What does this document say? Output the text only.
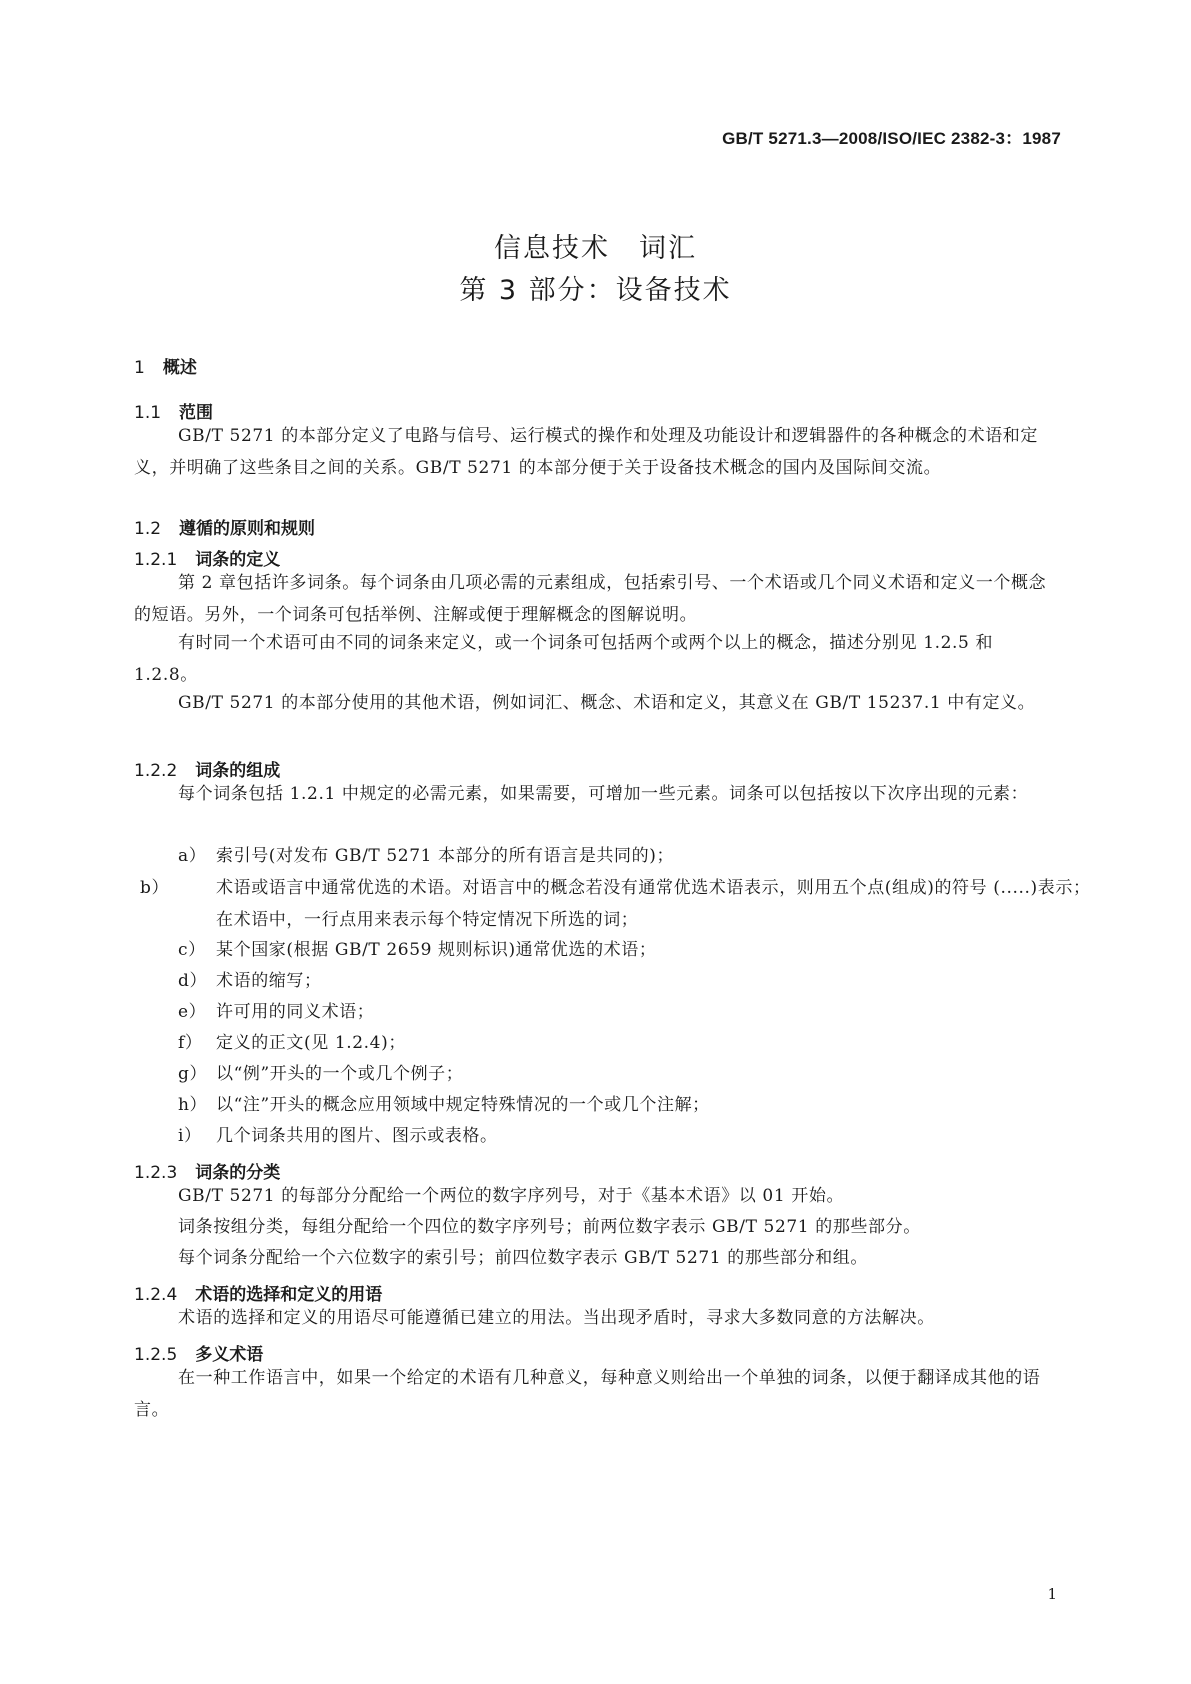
GB/T 5271.3—2008/ISO/IEC 2382-3：1987
信息技术　词汇
第 3 部分：设备技术
1 概述
1.1 范围
GB/T 5271 的本部分定义了电路与信号、运行模式的操作和处理及功能设计和逻辑器件的各种概念的术语和定义，并明确了这些条目之间的关系。GB/T 5271 的本部分便于关于设备技术概念的国内及国际间交流。
1.2 遵循的原则和规则
1.2.1 词条的定义
第 2 章包括许多词条。每个词条由几项必需的元素组成，包括索引号、一个术语或几个同义术语和定义一个概念的短语。另外，一个词条可包括举例、注解或便于理解概念的图解说明。
有时同一个术语可由不同的词条来定义，或一个词条可包括两个或两个以上的概念，描述分别见 1.2.5 和 1.2.8。
GB/T 5271 的本部分使用的其他术语，例如词汇、概念、术语和定义，其意义在 GB/T 15237.1 中有定义。
1.2.2 词条的组成
每个词条包括 1.2.1 中规定的必需元素，如果需要，可增加一些元素。词条可以包括按以下次序出现的元素：
a） 索引号(对发布 GB/T 5271 本部分的所有语言是共同的)；
b）	术语或语言中通常优选的术语。对语言中的概念若没有通常优选术语表示，则用五个点(组成)的符号 (.....)表示；在术语中，一行点用来表示每个特定情况下所选的词；
c） 某个国家(根据 GB/T 2659 规则标识)通常优选的术语；
d） 术语的缩写；
e） 许可用的同义术语；
f） 定义的正文(见 1.2.4)；
g） 以“例”开头的一个或几个例子；
h） 以“注”开头的概念应用领域中规定特殊情况的一个或几个注解；
i） 几个词条共用的图片、图示或表格。
1.2.3 词条的分类
GB/T 5271 的每部分分配给一个两位的数字序列号，对于《基本术语》以 01 开始。
词条按组分类，每组分配给一个四位的数字序列号；前两位数字表示 GB/T 5271 的那些部分。
每个词条分配给一个六位数字的索引号；前四位数字表示 GB/T 5271 的那些部分和组。
1.2.4 术语的选择和定义的用语
术语的选择和定义的用语尽可能遵循已建立的用法。当出现矛盾时，寻求大多数同意的方法解决。
1.2.5 多义术语
在一种工作语言中，如果一个给定的术语有几种意义，每种意义则给出一个单独的词条，以便于翻译成其他的语言。
1
